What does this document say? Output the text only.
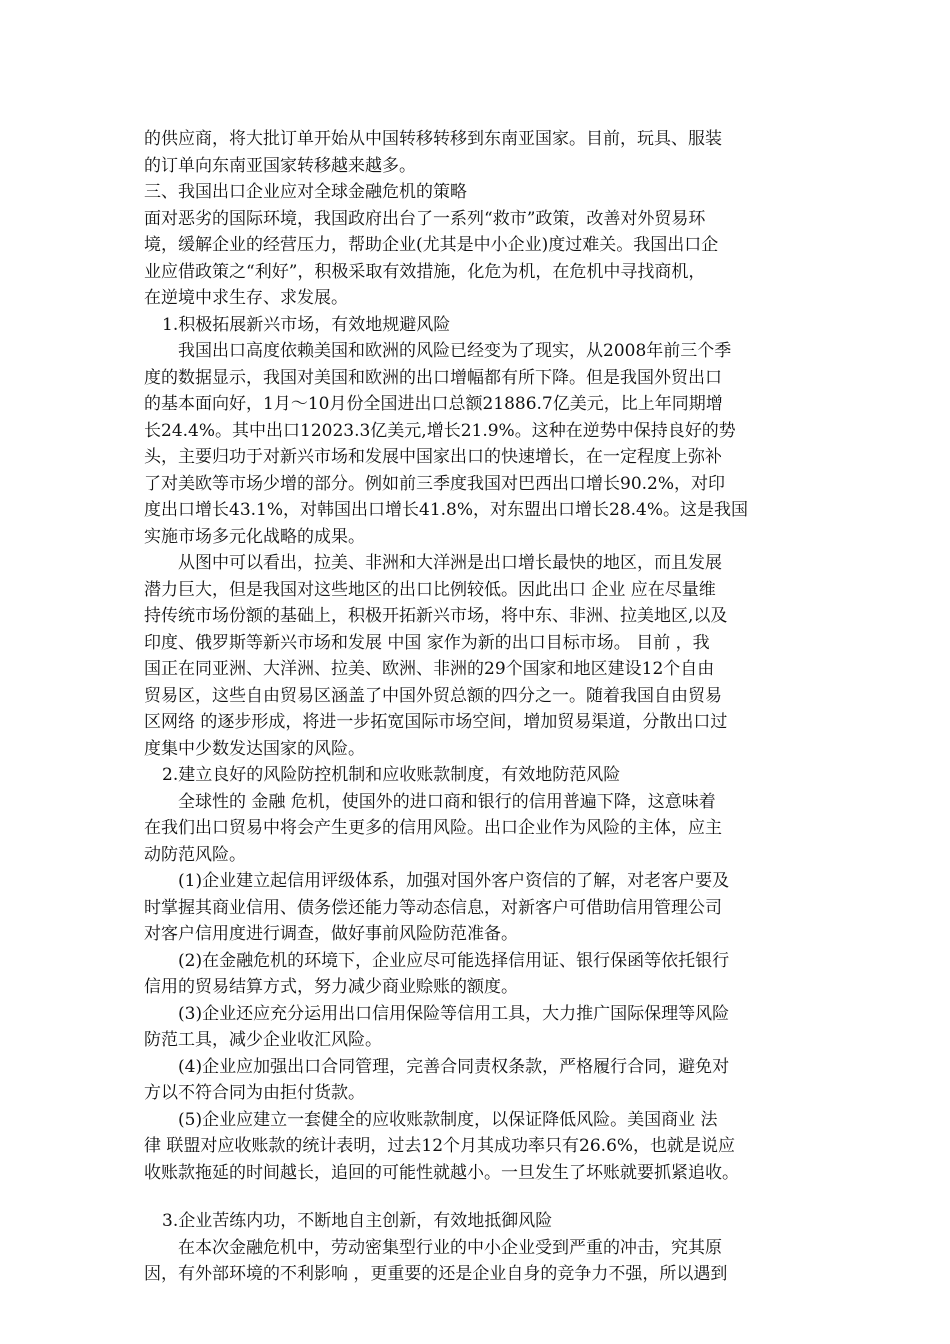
的供应商，将大批订单开始从中国转移转移到东南亚国家。目前，玩具、服装
的订单向东南亚国家转移越来越多。
三、我国出口企业应对全球金融危机的策略
面对恶劣的国际环境，我国政府出台了一系列“救市”政策，改善对外贸易环
境，缓解企业的经营压力，帮助企业(尤其是中小企业)度过难关。我国出口企
业应借政策之“利好”，积极采取有效措施，化危为机，在危机中寻找商机，
在逆境中求生存、求发展。
1.积极拓展新兴市场，有效地规避风险
我国出口高度依赖美国和欧洲的风险已经变为了现实，从2008年前三个季
度的数据显示，我国对美国和欧洲的出口增幅都有所下降。但是我国外贸出口
的基本面向好，1月～10月份全国进出口总额21886.7亿美元，比上年同期增
长24.4%。其中出口12023.3亿美元,增长21.9%。这种在逆势中保持良好的势
头，主要归功于对新兴市场和发展中国家出口的快速增长，在一定程度上弥补
了对美欧等市场少增的部分。例如前三季度我国对巴西出口增长90.2%，对印
度出口增长43.1%，对韩国出口增长41.8%，对东盟出口增长28.4%。这是我国
实施市场多元化战略的成果。
从图中可以看出，拉美、非洲和大洋洲是出口增长最快的地区，而且发展
潜力巨大，但是我国对这些地区的出口比例较低。因此出口 企业 应在尽量维
持传统市场份额的基础上，积极开拓新兴市场，将中东、非洲、拉美地区,以及
印度、俄罗斯等新兴市场和发展 中国 家作为新的出口目标市场。 目前 ，我
国正在同亚洲、大洋洲、拉美、欧洲、非洲的29个国家和地区建设12个自由
贸易区，这些自由贸易区涵盖了中国外贸总额的四分之一。随着我国自由贸易
区网络 的逐步形成，将进一步拓宽国际市场空间，增加贸易渠道，分散出口过
度集中少数发达国家的风险。
2.建立良好的风险防控机制和应收账款制度，有效地防范风险
全球性的 金融 危机，使国外的进口商和银行的信用普遍下降，这意味着
在我们出口贸易中将会产生更多的信用风险。出口企业作为风险的主体，应主
动防范风险。
(1)企业建立起信用评级体系，加强对国外客户资信的了解，对老客户要及
时掌握其商业信用、债务偿还能力等动态信息，对新客户可借助信用管理公司
对客户信用度进行调查，做好事前风险防范准备。
(2)在金融危机的环境下，企业应尽可能选择信用证、银行保函等依托银行
信用的贸易结算方式，努力减少商业赊账的额度。
(3)企业还应充分运用出口信用保险等信用工具，大力推广国际保理等风险
防范工具，减少企业收汇风险。
(4)企业应加强出口合同管理，完善合同责权条款，严格履行合同，避免对
方以不符合同为由拒付货款。
(5)企业应建立一套健全的应收账款制度，以保证降低风险。美国商业 法
律 联盟对应收账款的统计表明，过去12个月其成功率只有26.6%，也就是说应
收账款拖延的时间越长，追回的可能性就越小。一旦发生了坏账就要抓紧追收。
3.企业苦练内功，不断地自主创新，有效地抵御风险
在本次金融危机中，劳动密集型行业的中小企业受到严重的冲击，究其原
因，有外部环境的不利影响 ，更重要的还是企业自身的竞争力不强，所以遇到
